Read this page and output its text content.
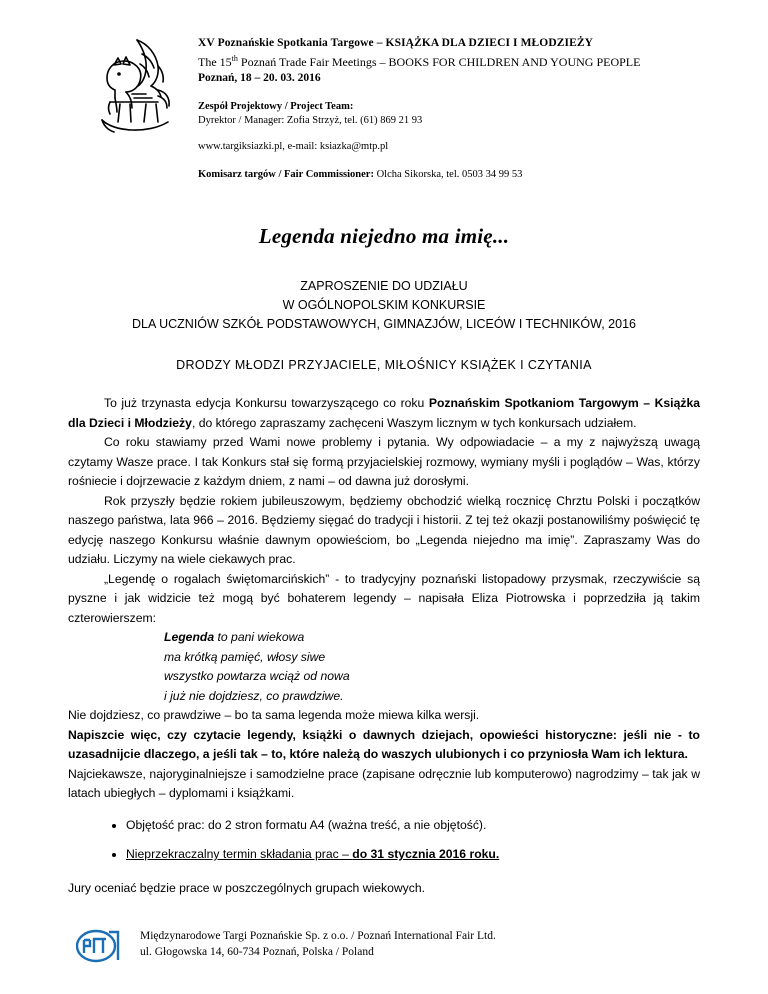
XV Poznańskie Spotkania Targowe – KSIĄŻKA DLA DZIECI I MŁODZIEŻY
The 15th Poznań Trade Fair Meetings – BOOKS FOR CHILDREN AND YOUNG PEOPLE
Poznań, 18 – 20. 03. 2016
Zespół Projektowy / Project Team:
Dyrektor / Manager: Zofia Strzyż, tel. (61) 869 21 93
www.targiksiazki.pl, e-mail: ksiazka@mtp.pl
Komisarz targów / Fair Commissioner: Olcha Sikorska, tel. 0503 34 99 53
Legenda niejedno ma imię...
ZAPROSZENIE DO UDZIAŁU
W OGÓLNOPOLSKIM KONKURSIE
DLA UCZNIÓW SZKÓŁ PODSTAWOWYCH, GIMNAZJÓW, LICEÓW I TECHNIKÓW, 2016
DRODZY MŁODZI PRZYJACIELE, MIŁOŚNICY KSIĄŻEK I CZYTANIA

To już trzynasta edycja Konkursu towarzyszącego co roku Poznańskim Spotkaniom Targowym – Książka dla Dzieci i Młodzieży, do którego zapraszamy zachęceni Waszym licznym w tych konkursach udziałem.

Co roku stawiamy przed Wami nowe problemy i pytania. Wy odpowiadacie – a my z najwyższą uwagą czytamy Wasze prace. I tak Konkurs stał się formą przyjacielskiej rozmowy, wymiany myśli i poglądów – Was, którzy rośniecie i dojrzewacie z każdym dniem, z nami – od dawna już dorosłymi.

Rok przyszły będzie rokiem jubileuszowym, będziemy obchodzić wielką rocznicę Chrztu Polski i początków naszego państwa, lata 966 – 2016. Będziemy sięgać do tradycji i historii. Z tej też okazji postanowiliśmy poświęcić tę edycję naszego Konkursu właśnie dawnym opowieściom, bo „Legenda niejedno ma imię”. Zapraszamy Was do udziału. Liczymy na wiele ciekawych prac.

„Legendę o rogalach świętomarcińskich” - to tradycyjny poznański listopadowy przysmak, rzeczywiście są pyszne i jak widzicie też mogą być bohaterem legendy – napisała Eliza Piotrowska i poprzedziła ją takim czterowierszem:

Legenda to pani wiekowa
ma krótką pamięć, włosy siwe
wszystko powtarza wciąż od nowa
i już nie dojdziesz, co prawdziwe.

Nie dojdziesz, co prawdziwe – bo ta sama legenda może miewa kilka wersji.

Napiszcie więc, czy czytacie legendy, książki o dawnych dziejach, opowieści historyczne: jeśli nie - to uzasadnijcie dlaczego, a jeśli tak – to, które należą do waszych ulubionych i co przyniosła Wam ich lektura.

Najciekawsze, najoryginalniejsze i samodzielne prace (zapisane odręcznie lub komputerowo) nagrodzimy – tak jak w latach ubiegłych – dyplomami i książkami.

• Objętość prac: do 2 stron formatu A4 (ważna treść, a nie objętość).
• Nieprzekraczalny termin składania prac – do 31 stycznia 2016 roku.
Jury oceniać będzie prace w poszczególnych grupach wiekowych.
Międzynarodowe Targi Poznańskie Sp. z o.o. / Poznań International Fair Ltd.
ul. Głogowska 14, 60-734 Poznań, Polska / Poland
